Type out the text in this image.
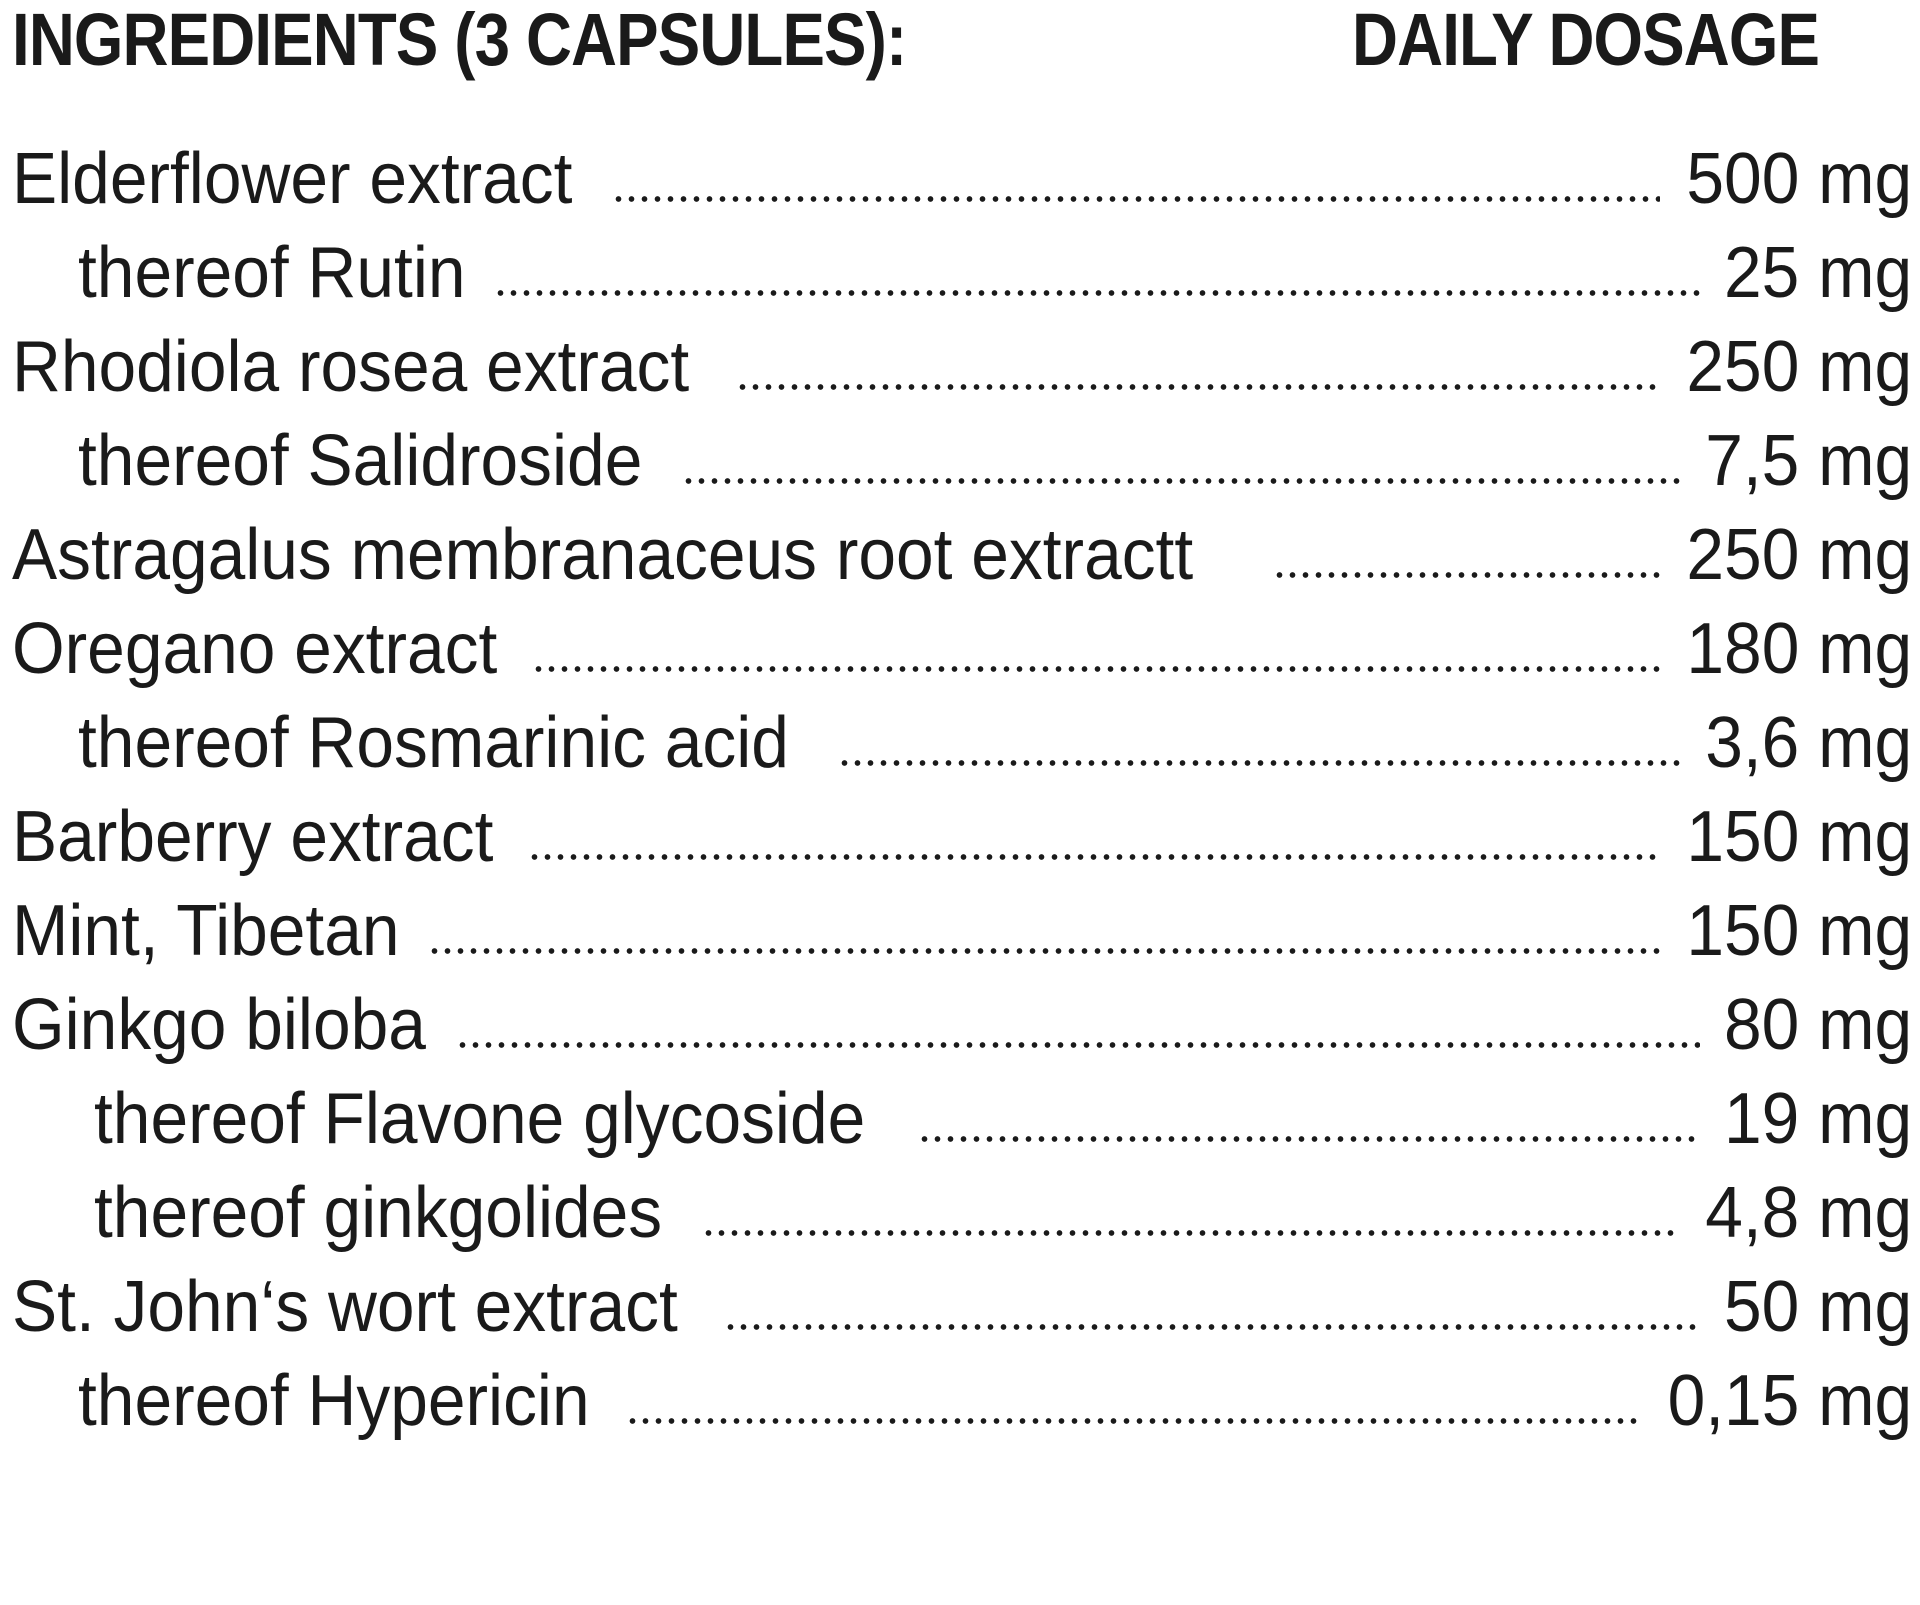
INGREDIENTS (3 CAPSULES):	DAILY DOSAGE
Elderflower extract	500 mg
thereof Rutin	25 mg
Rhodiola rosea extract	250 mg
thereof Salidroside	7,5 mg
Astragalus membranaceus root extractt	250 mg
Oregano extract	180 mg
thereof Rosmarinic acid	3,6 mg
Barberry extract	150 mg
Mint, Tibetan	150 mg
Ginkgo biloba	80 mg
thereof Flavone glycoside	19 mg
thereof ginkgolides	4,8 mg
St. John‘s wort extract	50 mg
thereof Hypericin	0,15 mg
